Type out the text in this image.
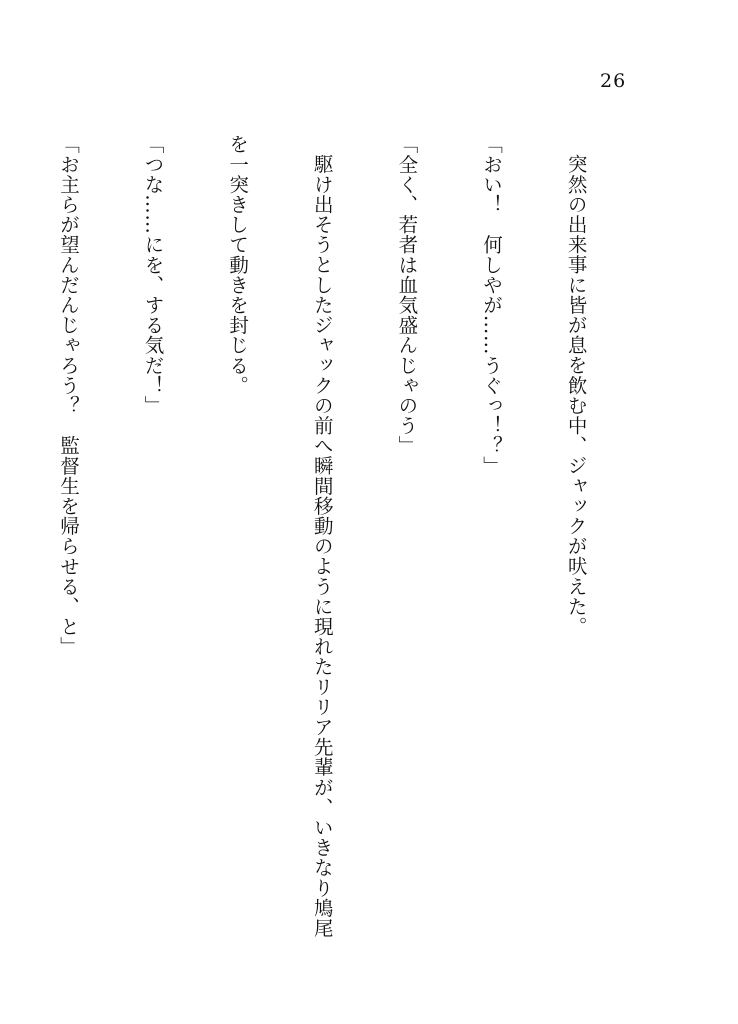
26

突然の出来事に皆が息を飲む中、ジャックが吠えた。

「おい！　何しやが……うぐっ！？」

「全く、若者は血気盛んじゃのう」

駆け出そうとしたジャックの前へ瞬間移動のように現れたリリア先輩が、いきなり鳩尾

を一突きして動きを封じる。

「つな……にを、する気だ！」

「お主らが望んだんじゃろう？　監督生を帰らせる、と」
